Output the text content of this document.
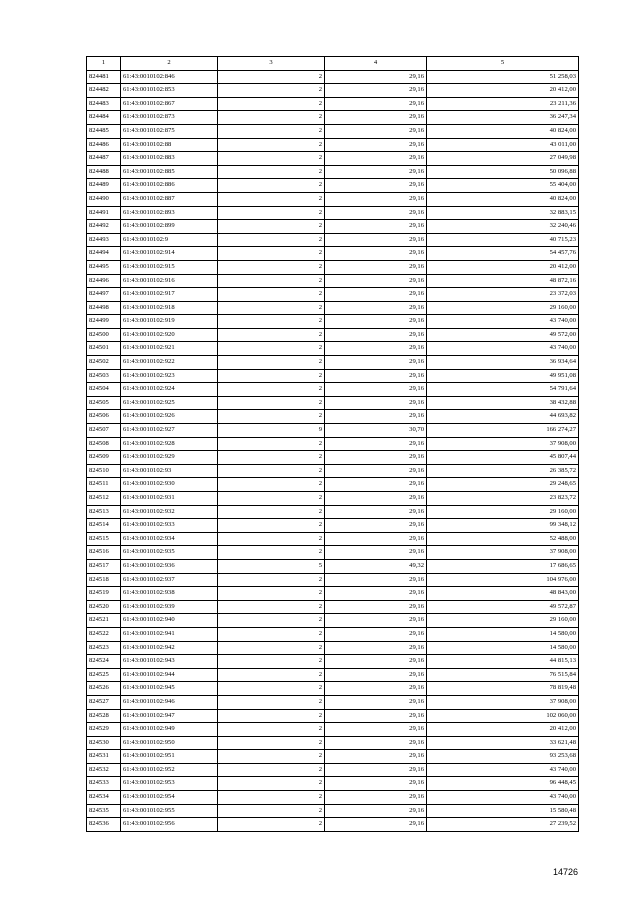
1	2	3	4	5
824481	61:43:0010102:846	2	29,16	51 258,03
824482	61:43:0010102:853	2	29,16	20 412,00
824483	61:43:0010102:867	2	29,16	23 211,36
824484	61:43:0010102:873	2	29,16	36 247,34
824485	61:43:0010102:875	2	29,16	40 824,00
824486	61:43:0010102:88	2	29,16	43 011,00
824487	61:43:0010102:883	2	29,16	27 049,98
824488	61:43:0010102:885	2	29,16	50 096,88
824489	61:43:0010102:886	2	29,16	55 404,00
824490	61:43:0010102:887	2	29,16	40 824,00
824491	61:43:0010102:893	2	29,16	32 883,15
824492	61:43:0010102:899	2	29,16	32 240,46
824493	61:43:0010102:9	2	29,16	40 715,23
824494	61:43:0010102:914	2	29,16	54 457,76
824495	61:43:0010102:915	2	29,16	20 412,00
824496	61:43:0010102:916	2	29,16	48 872,16
824497	61:43:0010102:917	2	29,16	23 372,03
824498	61:43:0010102:918	2	29,16	29 160,00
824499	61:43:0010102:919	2	29,16	43 740,00
824500	61:43:0010102:920	2	29,16	49 572,00
824501	61:43:0010102:921	2	29,16	43 740,00
824502	61:43:0010102:922	2	29,16	36 934,64
824503	61:43:0010102:923	2	29,16	49 951,08
824504	61:43:0010102:924	2	29,16	54 791,64
824505	61:43:0010102:925	2	29,16	38 432,88
824506	61:43:0010102:926	2	29,16	44 693,82
824507	61:43:0010102:927	9	30,70	166 274,27
824508	61:43:0010102:928	2	29,16	37 908,00
824509	61:43:0010102:929	2	29,16	45 807,44
824510	61:43:0010102:93	2	29,16	26 385,72
824511	61:43:0010102:930	2	29,16	29 248,65
824512	61:43:0010102:931	2	29,16	23 823,72
824513	61:43:0010102:932	2	29,16	29 160,00
824514	61:43:0010102:933	2	29,16	99 348,12
824515	61:43:0010102:934	2	29,16	52 488,00
824516	61:43:0010102:935	2	29,16	37 908,00
824517	61:43:0010102:936	5	49,32	17 686,65
824518	61:43:0010102:937	2	29,16	104 976,00
824519	61:43:0010102:938	2	29,16	48 843,00
824520	61:43:0010102:939	2	29,16	49 572,87
824521	61:43:0010102:940	2	29,16	29 160,00
824522	61:43:0010102:941	2	29,16	14 580,00
824523	61:43:0010102:942	2	29,16	14 580,00
824524	61:43:0010102:943	2	29,16	44 815,13
824525	61:43:0010102:944	2	29,16	76 515,84
824526	61:43:0010102:945	2	29,16	78 819,48
824527	61:43:0010102:946	2	29,16	37 908,00
824528	61:43:0010102:947	2	29,16	102 060,00
824529	61:43:0010102:949	2	29,16	20 412,00
824530	61:43:0010102:950	2	29,16	33 621,48
824531	61:43:0010102:951	2	29,16	93 253,68
824532	61:43:0010102:952	2	29,16	43 740,00
824533	61:43:0010102:953	2	29,16	96 448,45
824534	61:43:0010102:954	2	29,16	43 740,00
824535	61:43:0010102:955	2	29,16	15 580,48
824536	61:43:0010102:956	2	29,16	27 239,52
14726
